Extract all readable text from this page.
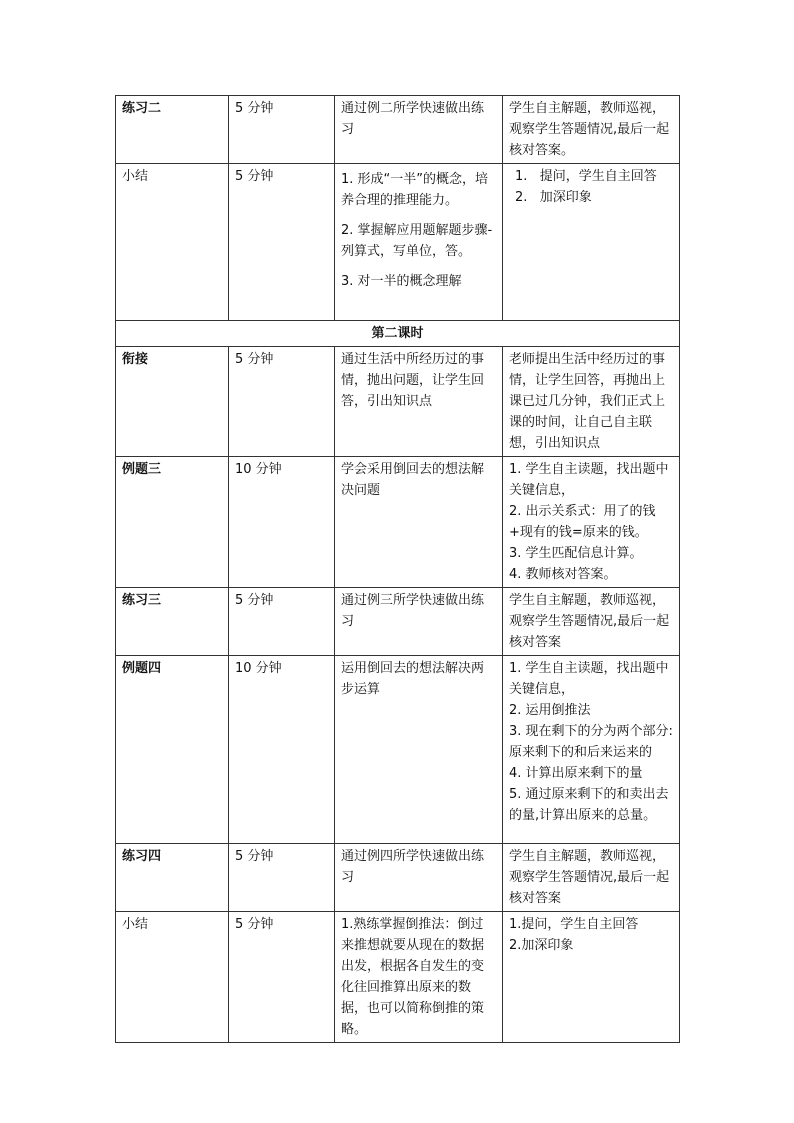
练习二	5 分钟	通过例二所学快速做出练习	学生自主解题，教师巡视，观察学生答题情况,最后一起核对答案。

小结	5 分钟	1. 形成“一半”的概念，培养合理的推理能力。
2. 掌握解应用题解题步骤-列算式，写单位，答。
3. 对一半的概念理解	1.   提问，学生自主回答
2.   加深印象

第二课时			
衔接	5 分钟	通过生活中所经历过的事情，抛出问题，让学生回答，引出知识点	老师提出生活中经历过的事情，让学生回答，再抛出上课已过几分钟，我们正式上课的时间，让自己自主联想，引出知识点

例题三	10 分钟	学会采用倒回去的想法解决问题	1. 学生自主读题，找出题中关键信息，
2. 出示关系式：用了的钱+现有的钱=原来的钱。
3. 学生匹配信息计算。
4. 教师核对答案。

练习三	5 分钟	通过例三所学快速做出练习	学生自主解题，教师巡视，观察学生答题情况,最后一起核对答案

例题四	10 分钟	运用倒回去的想法解决两步运算	1. 学生自主读题，找出题中关键信息，
2. 运用倒推法
3. 现在剩下的分为两个部分: 原来剩下的和后来运来的
4. 计算出原来剩下的量
5. 通过原来剩下的和卖出去的量,计算出原来的总量。

练习四	5 分钟	通过例四所学快速做出练习	学生自主解题，教师巡视，观察学生答题情况,最后一起核对答案

小结	5 分钟	1.熟练掌握倒推法：倒过来推想就要从现在的数据出发，根据各自发生的变化往回推算出原来的数据，也可以简称倒推的策略。	1.提问，学生自主回答
2.加深印象
